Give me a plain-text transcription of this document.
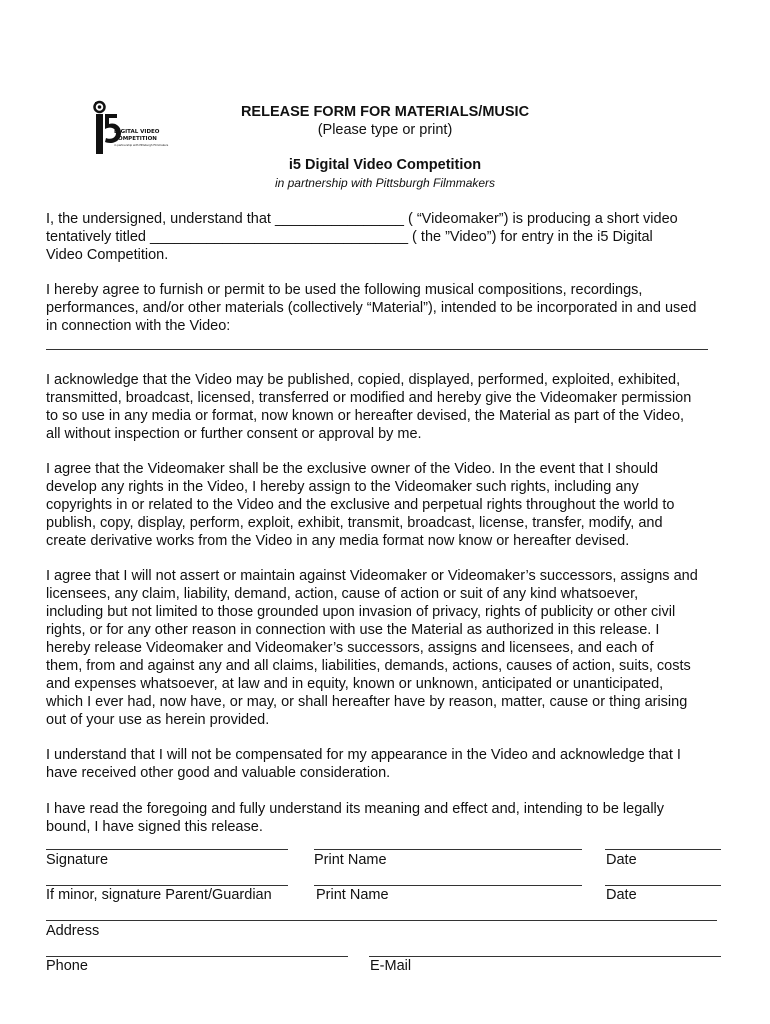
DIGITAL VIDEO
COMPETITION
in partnership with Pittsburgh Filmmakers
RELEASE FORM FOR MATERIALS/MUSIC
(Please type or print)
i5 Digital Video Competition
in partnership with Pittsburgh Filmmakers

I, the undersigned, understand that ________________ ( “Videomaker”) is producing a short video

tentatively titled ________________________________ ( the ”Video”) for entry in the i5 Digital

Video Competition.

I hereby agree to furnish or permit to be used the following musical compositions, recordings,

performances, and/or other materials (collectively “Material”), intended to be incorporated in and used

in connection with the Video:

I acknowledge that the Video may be published, copied, displayed, performed, exploited, exhibited,

transmitted, broadcast, licensed, transferred or modified and hereby give the Videomaker permission

to so use in any media or format, now known or hereafter devised, the Material as part of the Video,

all without inspection or further consent or approval by me.

I agree that the Videomaker shall be the exclusive owner of the Video. In the event that I should

develop any rights in the Video, I hereby assign to the Videomaker such rights, including any

copyrights in or related to the Video and the exclusive and perpetual rights throughout the world to

publish, copy, display, perform, exploit, exhibit, transmit, broadcast, license, transfer, modify, and

create derivative works from the Video in any media format now know or hereafter devised.

I agree that I will not assert or maintain against Videomaker or Videomaker’s successors, assigns and

licensees, any claim, liability, demand, action, cause of action or suit of any kind whatsoever,

including but not limited to those grounded upon invasion of privacy, rights of publicity or other civil

rights, or for any other reason in connection with use the Material as authorized in this release. I

hereby release Videomaker and Videomaker’s successors, assigns and licensees, and each of

them, from and against any and all claims, liabilities, demands, actions, causes of action, suits, costs

and expenses whatsoever, at law and in equity, known or unknown, anticipated or unanticipated,

which I ever had, now have, or may, or shall hereafter have by reason, matter, cause or thing arising

out of your use as herein provided.

I understand that I will not be compensated for my appearance in the Video and acknowledge that I

have received other good and valuable consideration.

I have read the foregoing and fully understand its meaning and effect and, intending to be legally

bound, I have signed this release.

Signature	Print Name	Date
If minor, signature Parent/Guardian	Print Name	Date
Address
Phone	E-Mail
